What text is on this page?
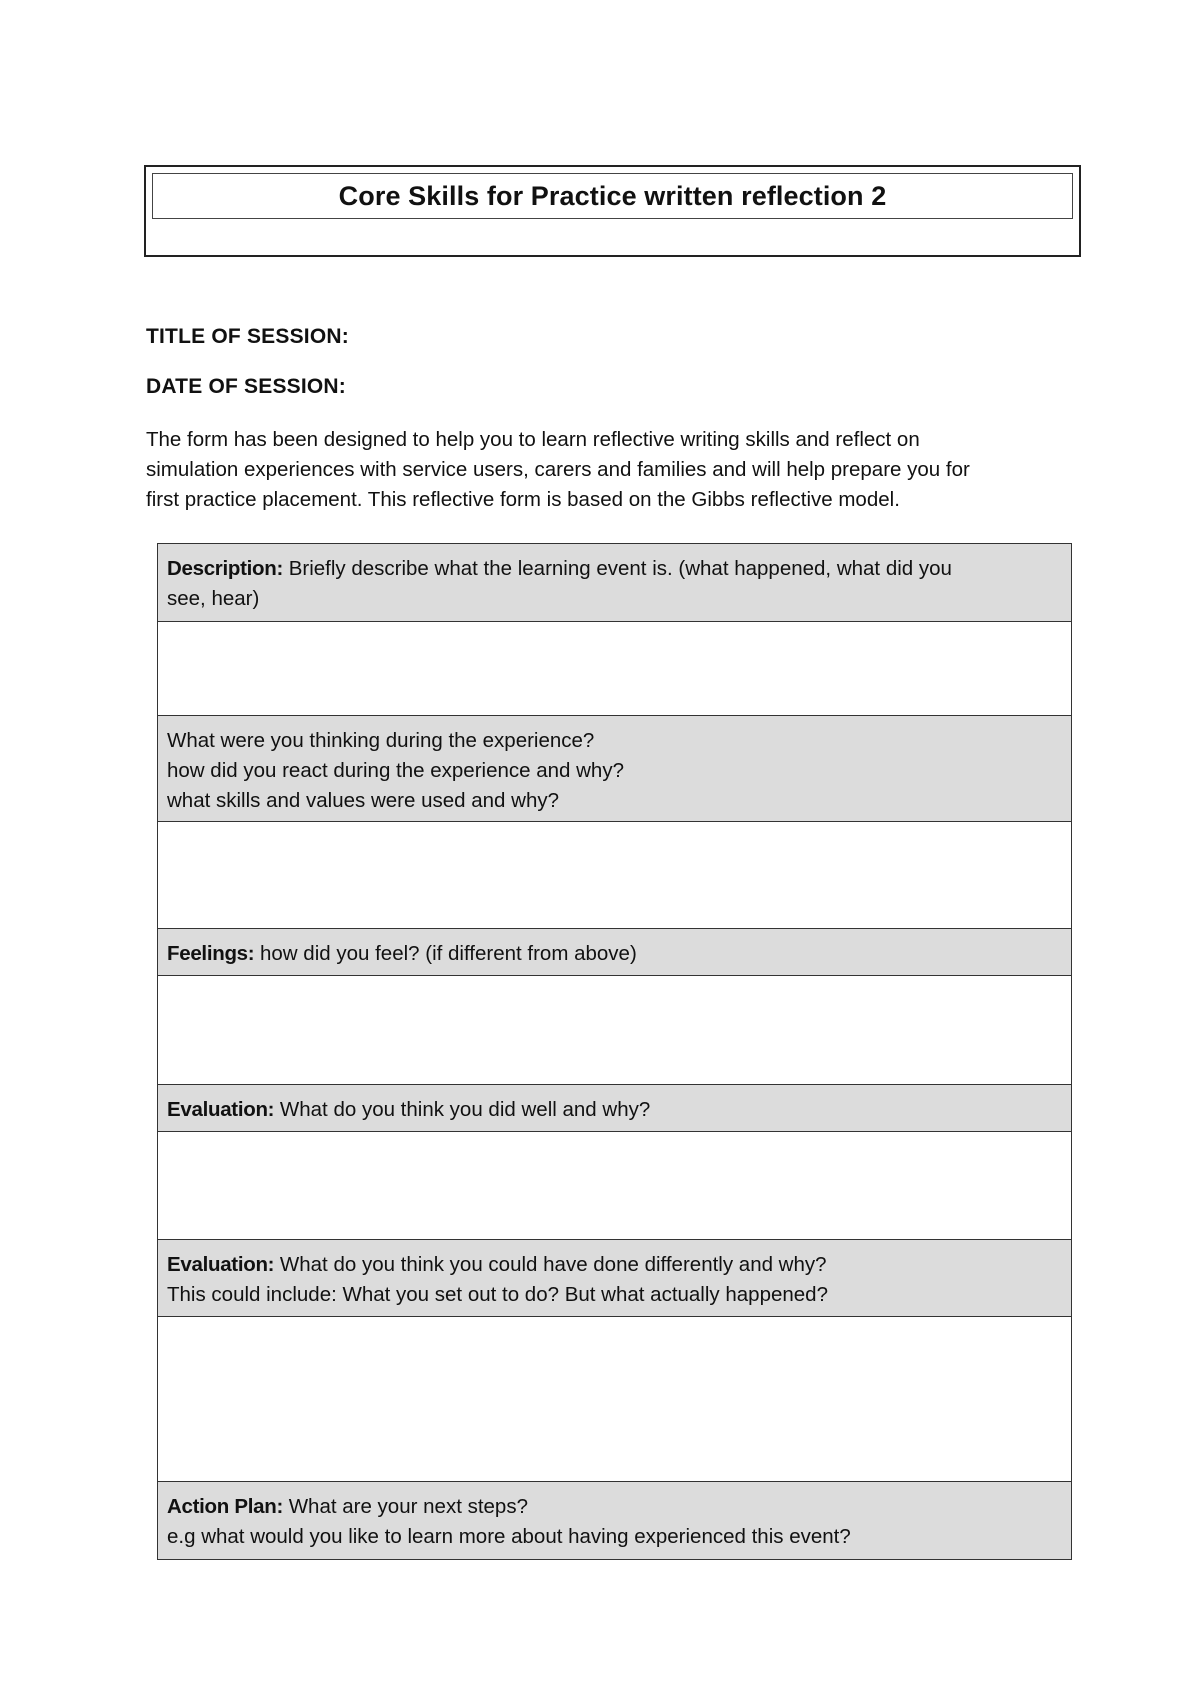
Core Skills for Practice written reflection 2
TITLE OF SESSION:
DATE OF SESSION:

The form has been designed to help you to learn reflective writing skills and reflect on
simulation experiences with service users, carers and families and will help prepare you for
first practice placement. This reflective form is based on the Gibbs reflective model.

Description: Briefly describe what the learning event is. (what happened, what did you
see, hear)
What were you thinking during the experience?
how did you react during the experience and why?
what skills and values were used and why?
Feelings: how did you feel? (if different from above)
Evaluation: What do you think you did well and why?
Evaluation: What do you think you could have done differently and why?
This could include: What you set out to do? But what actually happened?
Action Plan: What are your next steps?
e.g what would you like to learn more about having experienced this event?
